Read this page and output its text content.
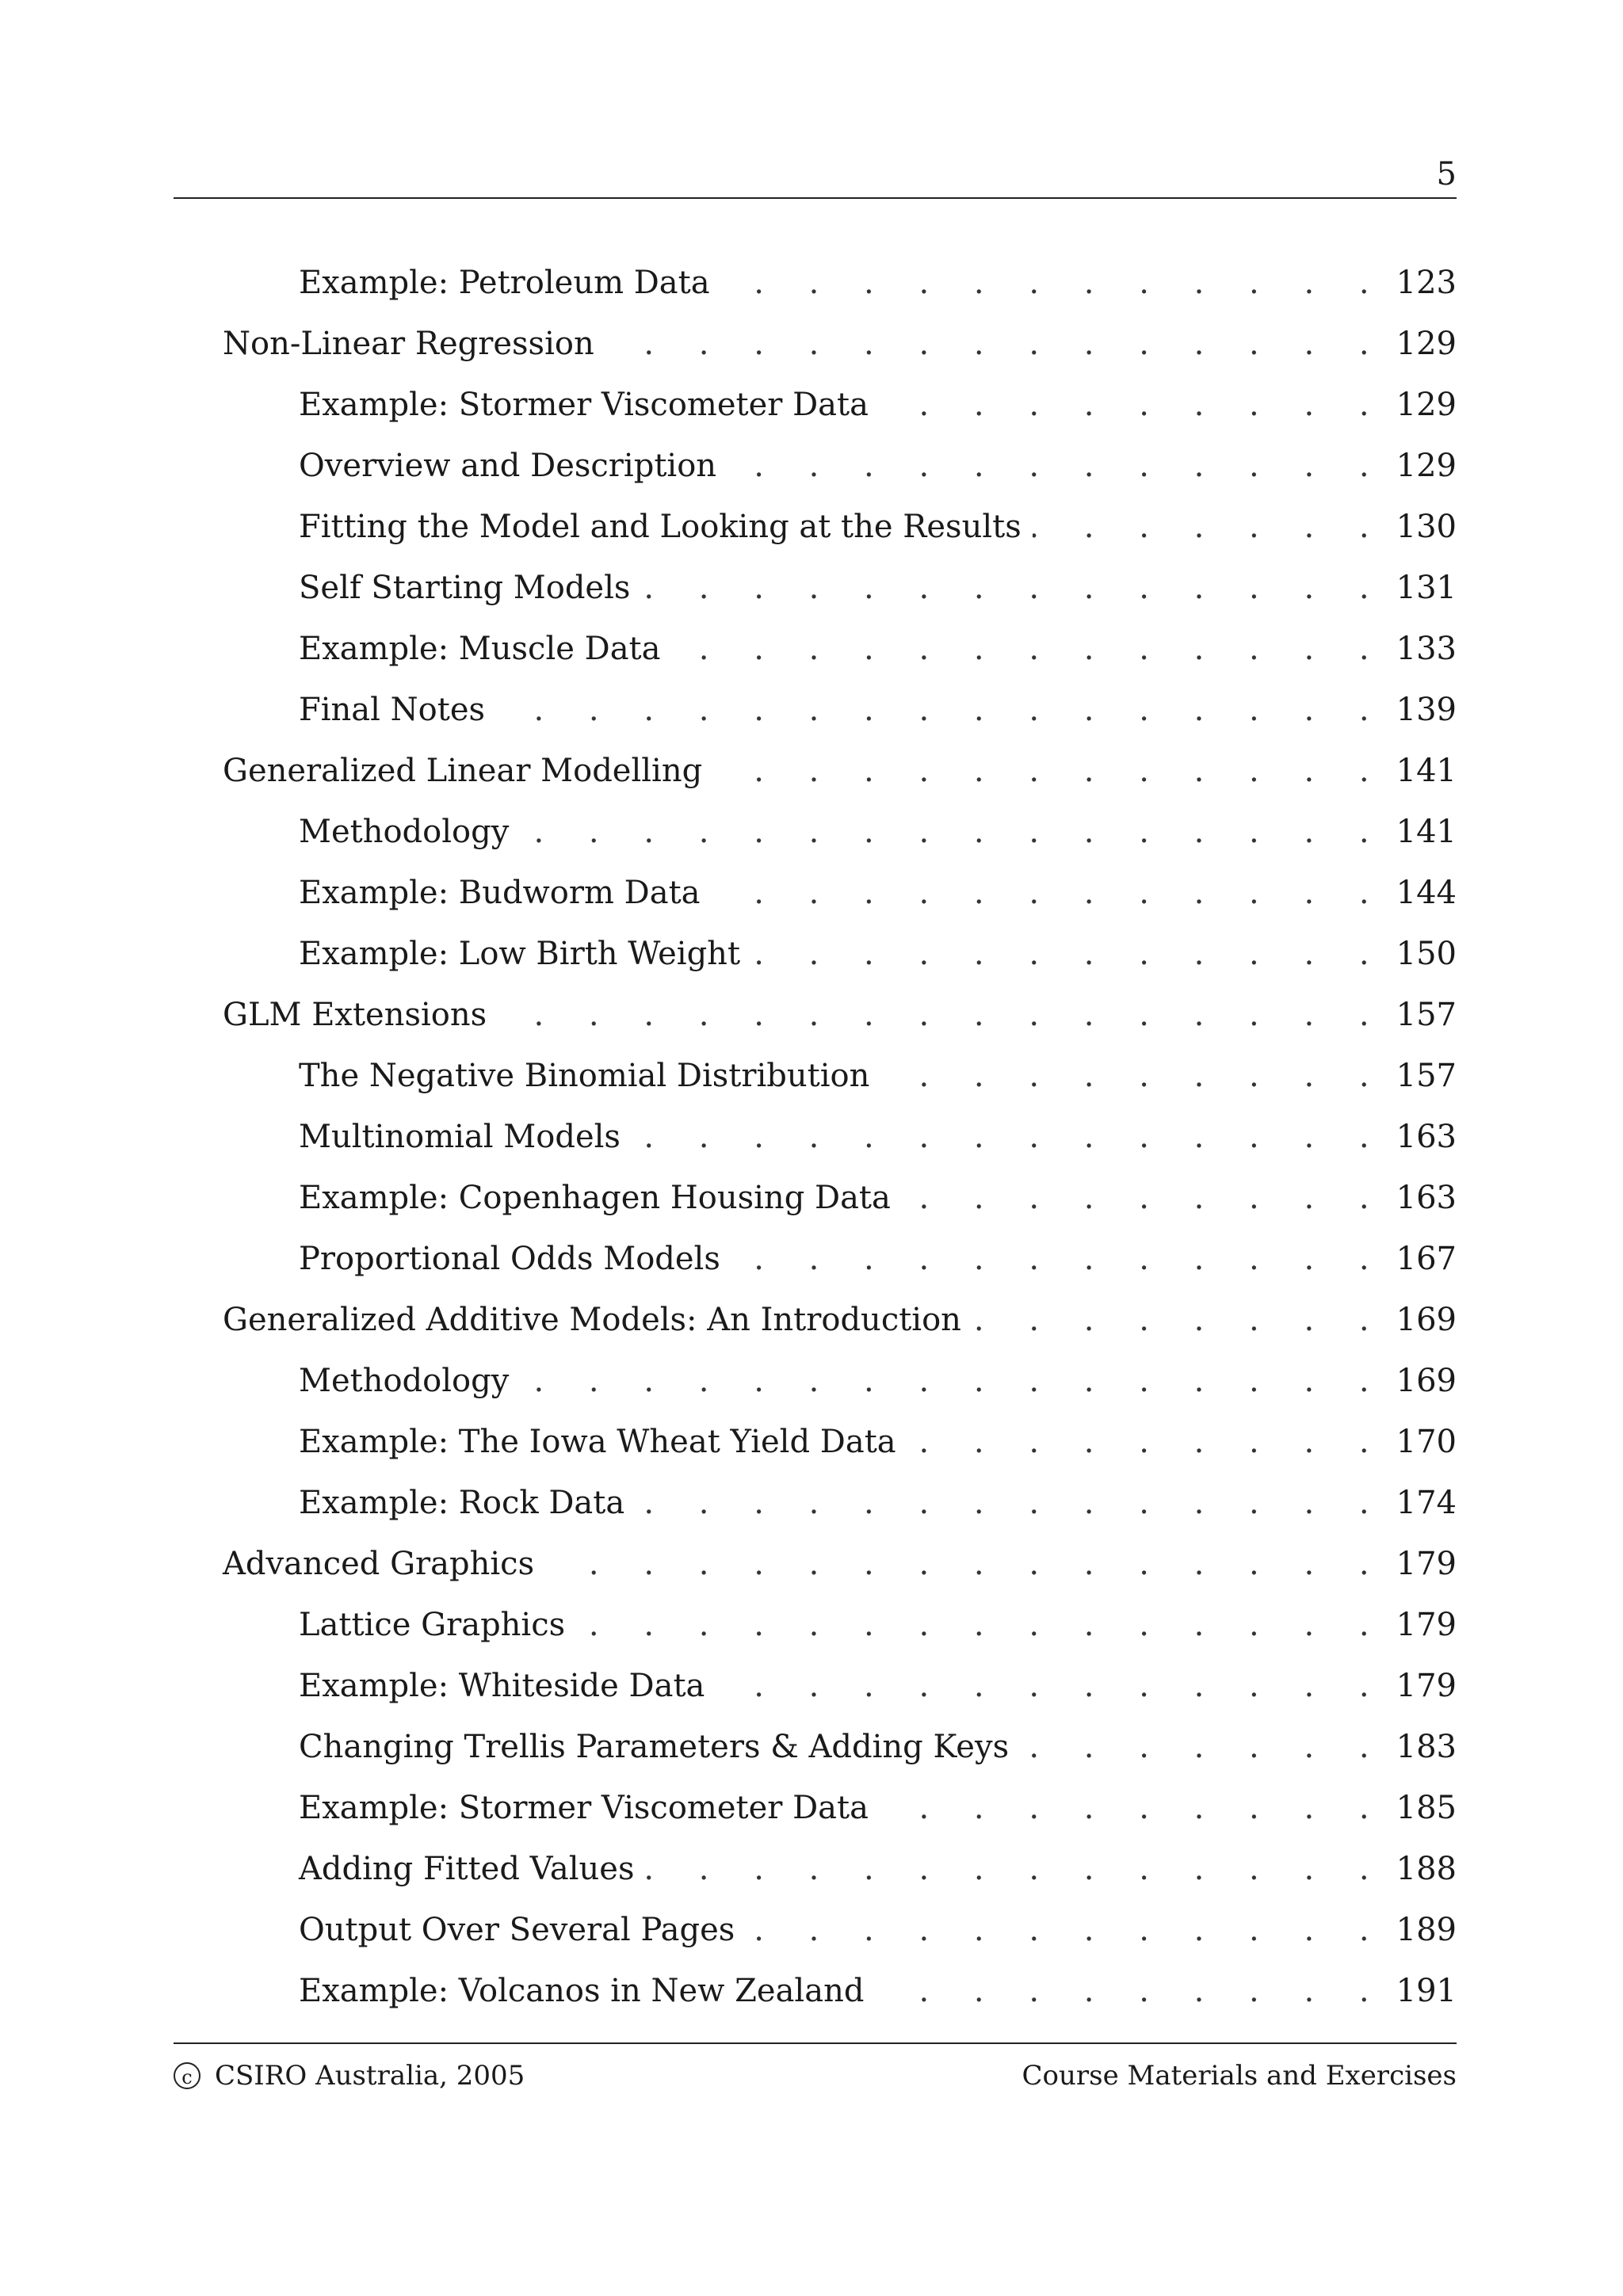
5
Example: Petroleum Data . . .	123
Non-Linear Regression . . .	129
Example: Stormer Viscometer Data . . .	129
Overview and Description . . .	129
Fitting the Model and Looking at the Results . . .	130
Self Starting Models . . .	131
Example: Muscle Data . . .	133
Final Notes . . .	139
Generalized Linear Modelling . . .	141
Methodology . . .	141
Example: Budworm Data . . .	144
Example: Low Birth Weight . . .	150
GLM Extensions . . .	157
The Negative Binomial Distribution . . .	157
Multinomial Models . . .	163
Example: Copenhagen Housing Data . . .	163
Proportional Odds Models . . .	167
Generalized Additive Models: An Introduction . . .	169
Methodology . . .	169
Example: The Iowa Wheat Yield Data . . .	170
Example: Rock Data . . .	174
Advanced Graphics . . .	179
Lattice Graphics . . .	179
Example: Whiteside Data . . .	179
Changing Trellis Parameters & Adding Keys . . .	183
Example: Stormer Viscometer Data . . .	185
Adding Fitted Values . . .	188
Output Over Several Pages . . .	189
Example: Volcanos in New Zealand . . .	191
c CSIRO Australia, 2005	Course Materials and Exercises
